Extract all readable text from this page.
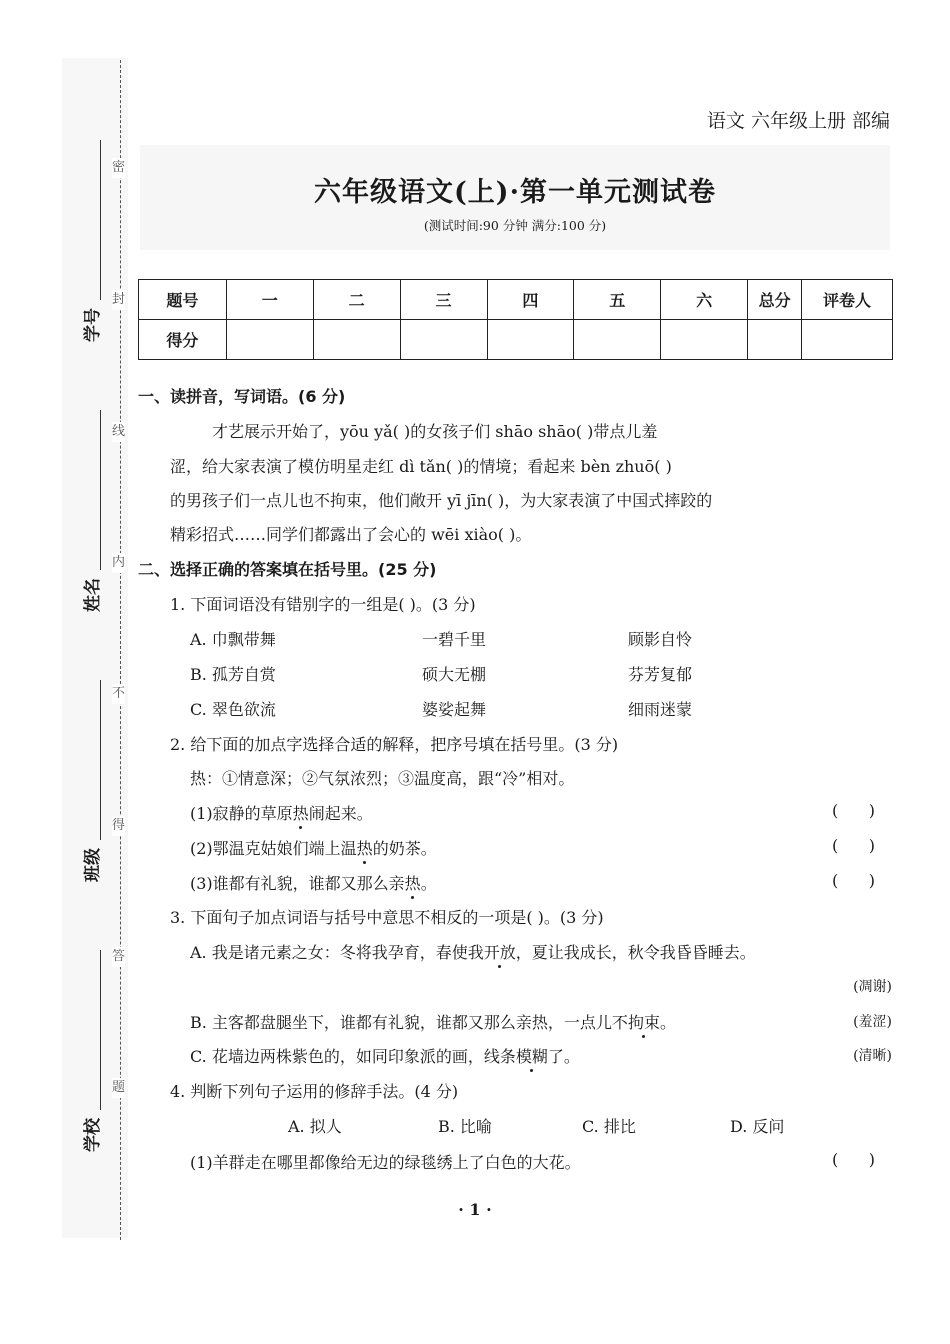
密
封
线
内
不
得
答
题
学号
姓名
班级
学校
语文 六年级上册 部编
六年级语文(上)·第一单元测试卷
(测试时间:90 分钟 满分:100 分)
题号	一	二	三	四	五	六	总分	评卷人
得分								
一、读拼音，写词语。(6 分)
才艺展示开始了，yōu yǎ( )的女孩子们 shāo shāo( )带点儿羞
涩，给大家表演了模仿明星走红 dì tǎn( )的情境；看起来 bèn zhuō( )
的男孩子们一点儿也不拘束，他们敞开 yī jīn( )，为大家表演了中国式摔跤的
精彩招式……同学们都露出了会心的 wēi xiào( )。
二、选择正确的答案填在括号里。(25 分)
1. 下面词语没有错别字的一组是( )。(3 分)
A. 巾飘带舞	一碧千里	顾影自怜
B. 孤芳自赏	硕大无棚	芬芳复郁
C. 翠色欲流	婆娑起舞	细雨迷蒙
2. 给下面的加点字选择合适的解释，把序号填在括号里。(3 分)
热：①情意深；②气氛浓烈；③温度高，跟“冷”相对。
(1)寂静的草原热闹起来。	(      )
(2)鄂温克姑娘们端上温热的奶茶。	(      )
(3)谁都有礼貌，谁都又那么亲热。	(      )
3. 下面句子加点词语与括号中意思不相反的一项是( )。(3 分)
A. 我是诸元素之女：冬将我孕育，春使我开放，夏让我成长，秋令我昏昏睡去。
(凋谢)
B. 主客都盘腿坐下，谁都有礼貌，谁都又那么亲热，一点儿不拘束。	(羞涩)
C. 花墙边两株紫色的，如同印象派的画，线条模糊了。	(清晰)
4. 判断下列句子运用的修辞手法。(4 分)
A. 拟人	B. 比喻	C. 排比	D. 反问
(1)羊群走在哪里都像给无边的绿毯绣上了白色的大花。	(      )
· 1 ·
